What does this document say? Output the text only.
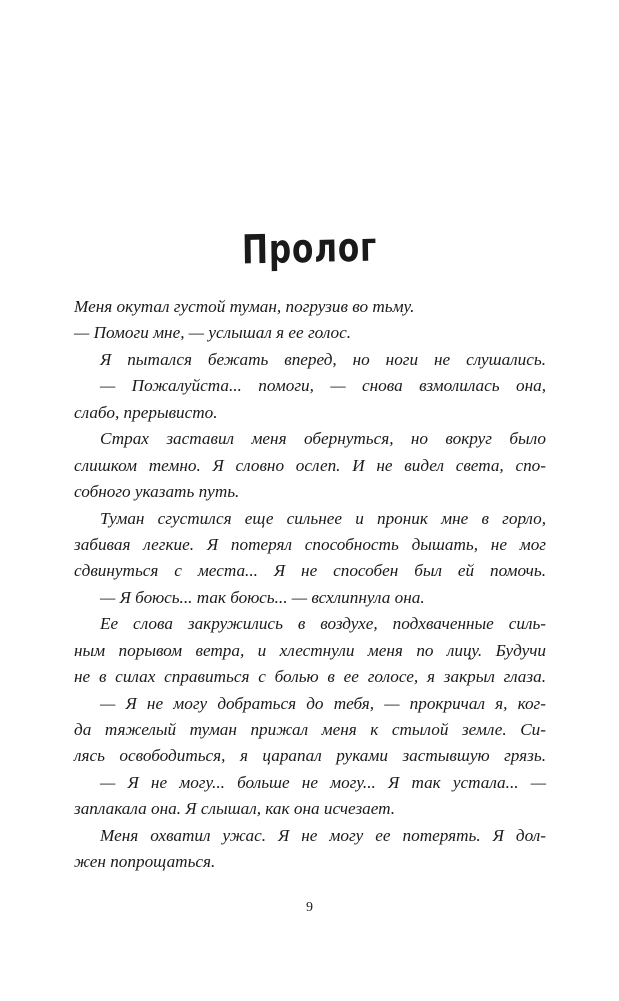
Пролог
Меня окутал густой туман, погрузив во тьму.
— Помоги мне, — услышал я ее голос.
Я пытался бежать вперед, но ноги не слушались.
— Пожалуйста... помоги, — снова взмолилась она,
слабо, прерывисто.
Страх заставил меня обернуться, но вокруг было
слишком темно. Я словно ослеп. И не видел света, спо-
собного указать путь.
Туман сгустился еще сильнее и проник мне в горло,
забивая легкие. Я потерял способность дышать, не мог
сдвинуться с места... Я не способен был ей помочь.
— Я боюсь... так боюсь... — всхлипнула она.
Ее слова закружились в воздухе, подхваченные силь-
ным порывом ветра, и хлестнули меня по лицу. Будучи
не в силах справиться с болью в ее голосе, я закрыл глаза.
— Я не могу добраться до тебя, — прокричал я, ког-
да тяжелый туман прижал меня к стылой земле. Си-
лясь освободиться, я царапал руками застывшую грязь.
— Я не могу... больше не могу... Я так устала... —
заплакала она. Я слышал, как она исчезает.
Меня охватил ужас. Я не могу ее потерять. Я дол-
жен попрощаться.
9
